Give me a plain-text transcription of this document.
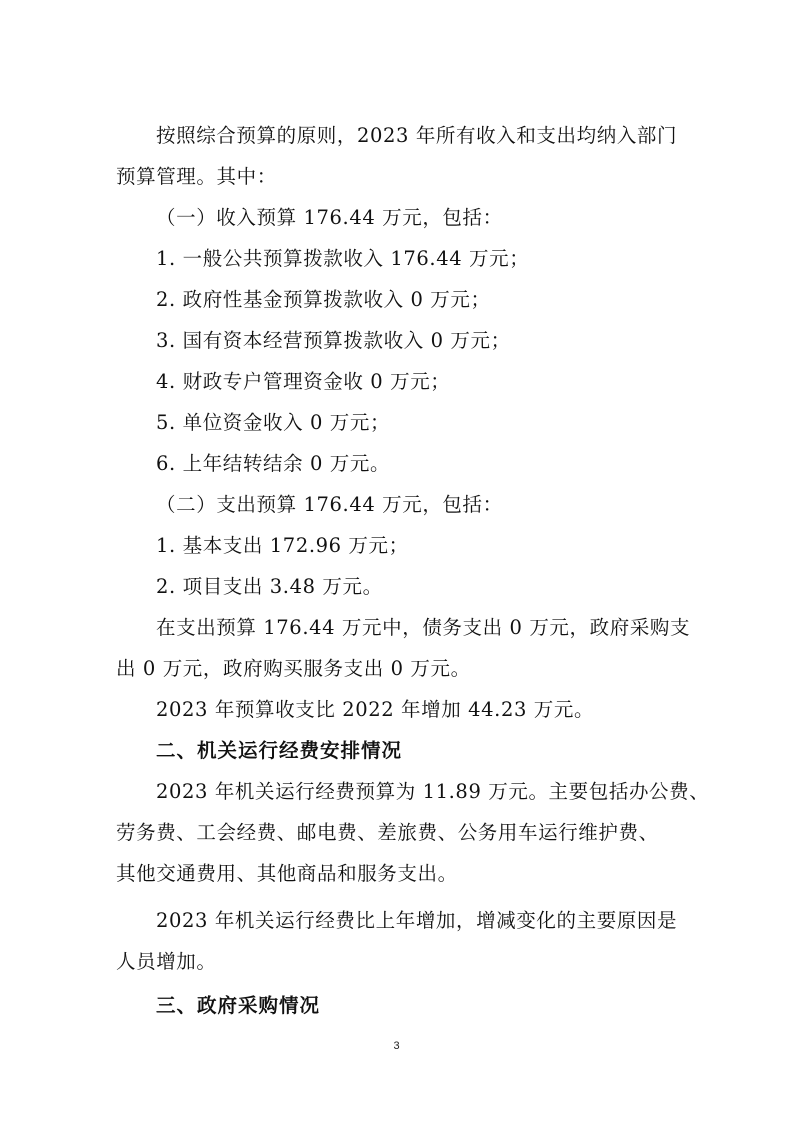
按照综合预算的原则，2023 年所有收入和支出均纳入部门
预算管理。其中：
（一）收入预算 176.44 万元，包括：
1. 一般公共预算拨款收入 176.44 万元；
2. 政府性基金预算拨款收入 0 万元；
3. 国有资本经营预算拨款收入 0 万元；
4. 财政专户管理资金收 0 万元；
5. 单位资金收入 0 万元；
6. 上年结转结余 0 万元。
（二）支出预算 176.44 万元，包括：
1. 基本支出 172.96 万元；
2. 项目支出 3.48 万元。
在支出预算 176.44 万元中，债务支出 0 万元，政府采购支
出 0 万元，政府购买服务支出 0 万元。
2023 年预算收支比 2022 年增加 44.23 万元。
二、机关运行经费安排情况
2023 年机关运行经费预算为 11.89 万元。主要包括办公费、
劳务费、工会经费、邮电费、差旅费、公务用车运行维护费、
其他交通费用、其他商品和服务支出。
2023 年机关运行经费比上年增加，增减变化的主要原因是
人员增加。
三、政府采购情况
3
